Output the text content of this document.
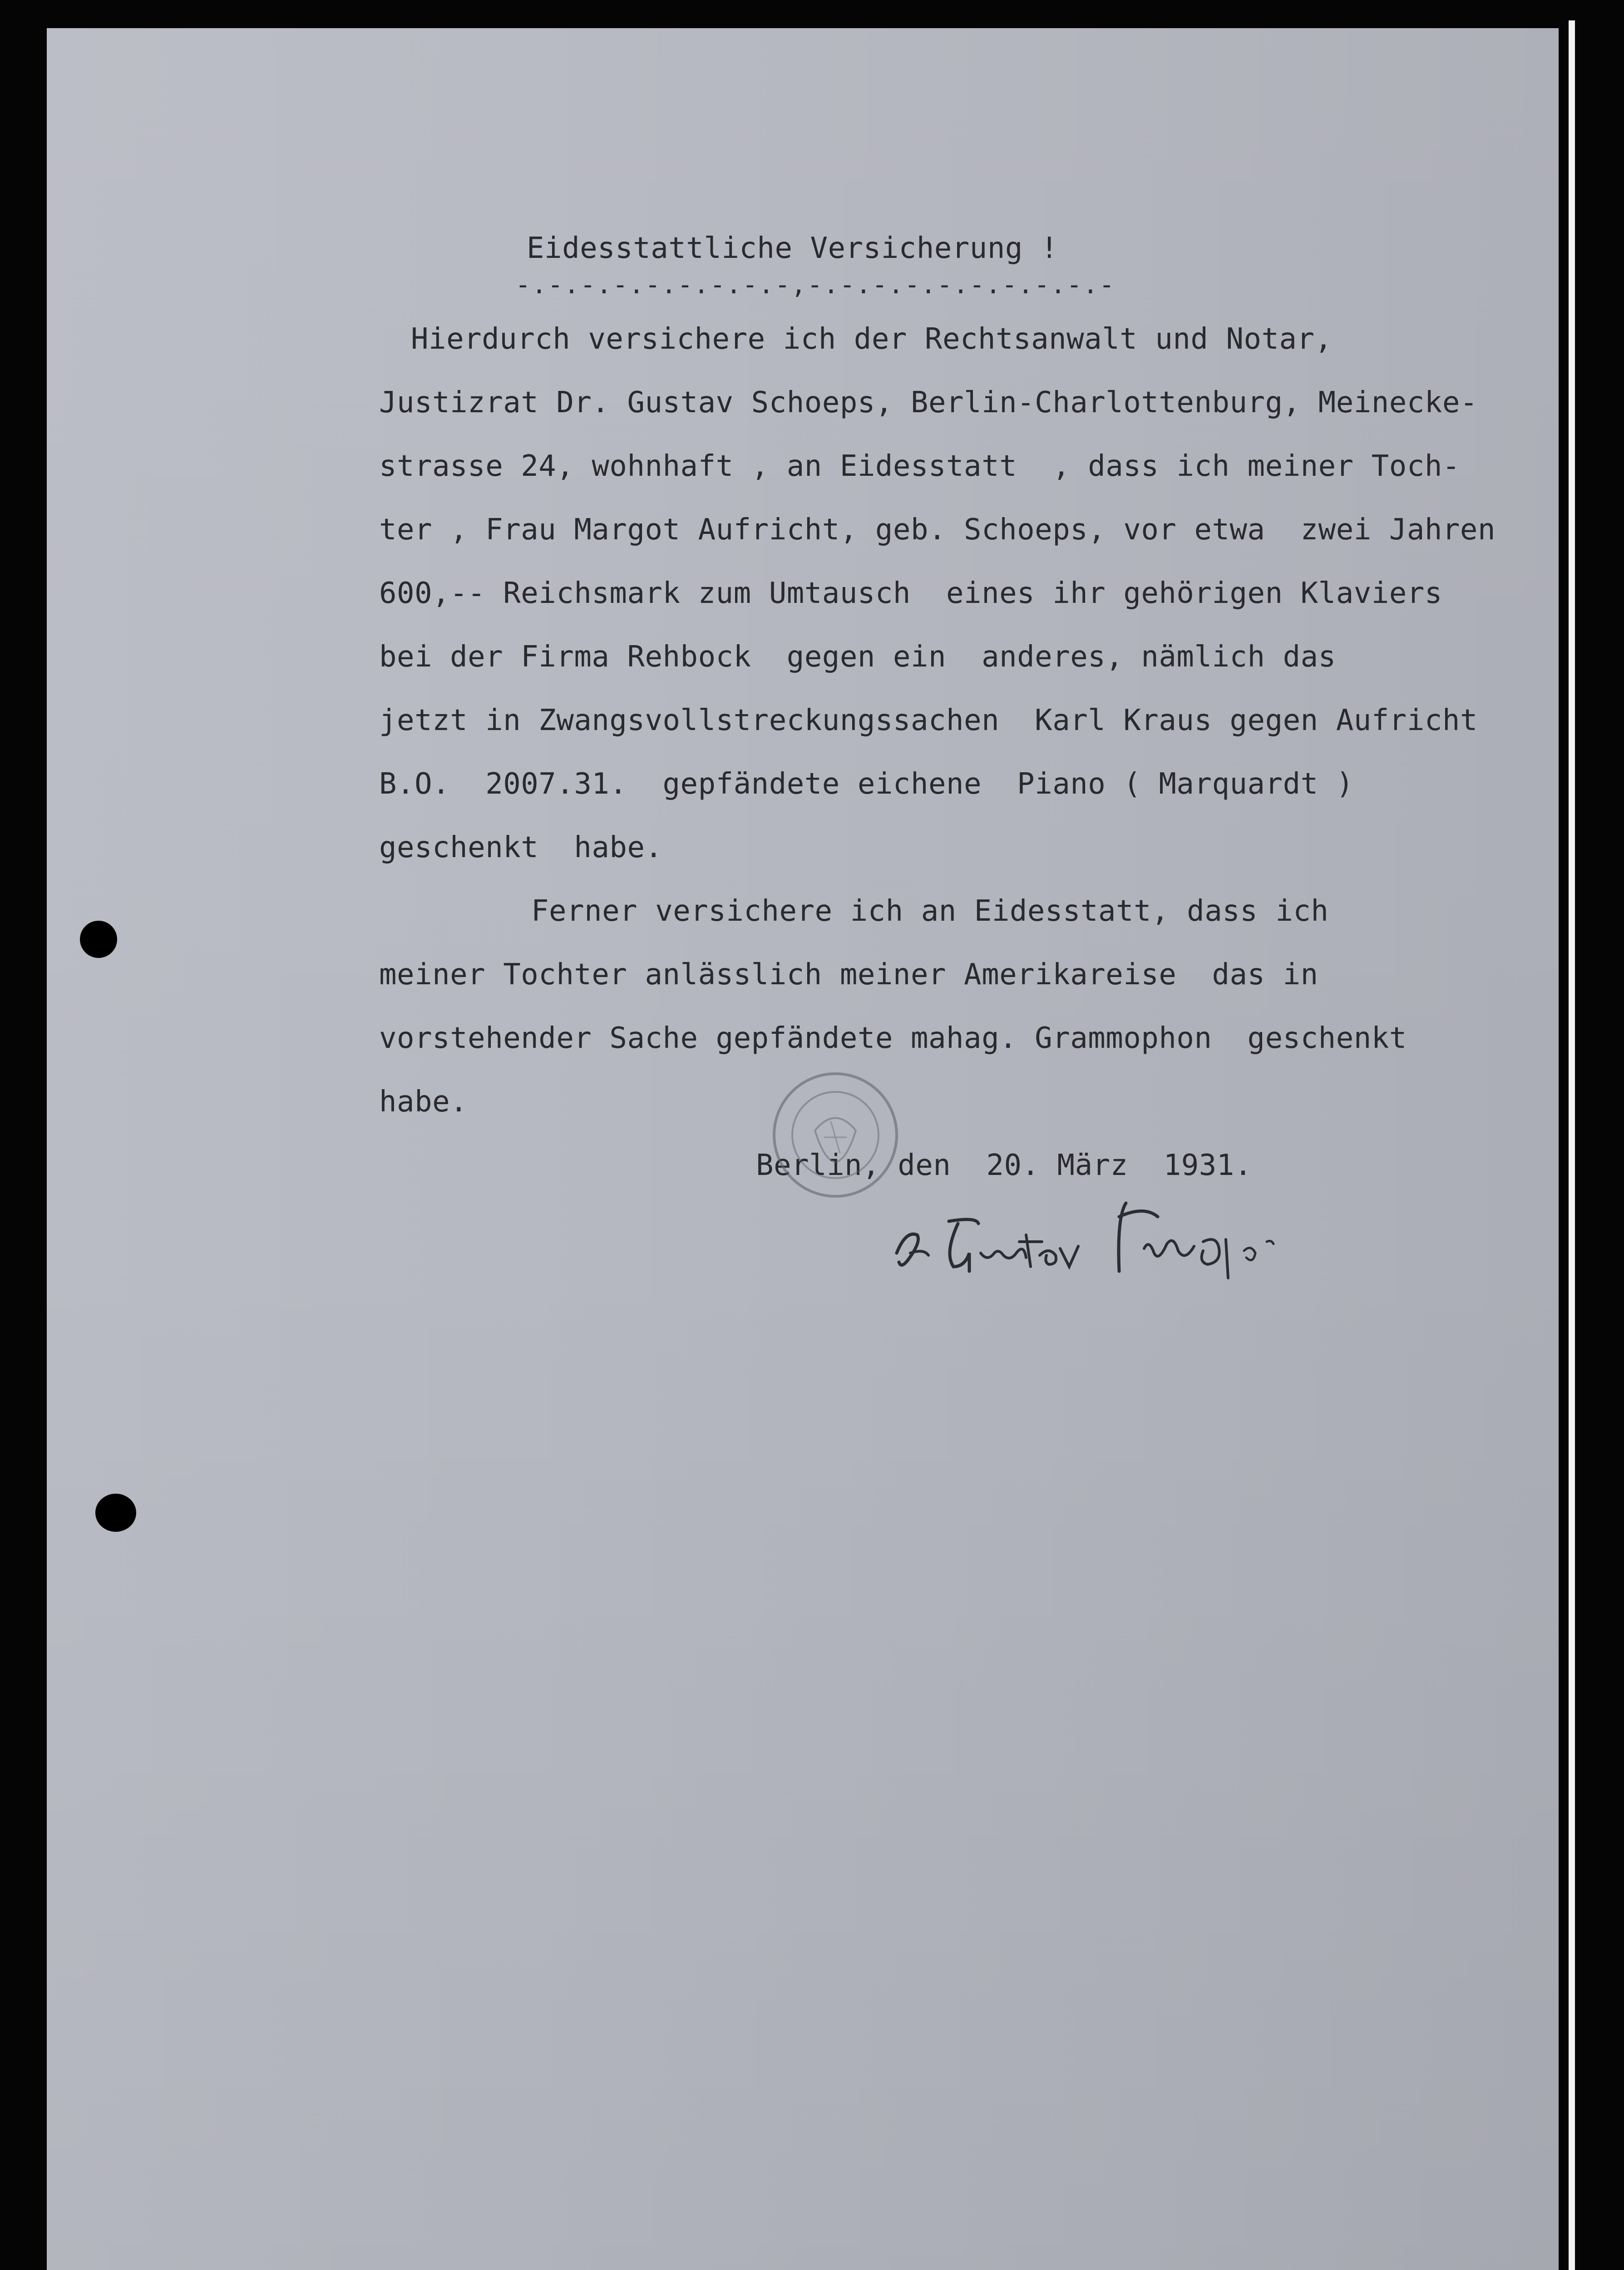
Eidesstattliche Versicherung !
-.-.-.-.-.-.-.-.-,-.-.-.-.-.-.-.-.-.-
Hierdurch versichere ich der Rechtsanwalt und Notar,
Justizrat Dr. Gustav Schoeps, Berlin-Charlottenburg, Meinecke-
strasse 24, wohnhaft , an Eidesstatt  , dass ich meiner Toch-
ter , Frau Margot Aufricht, geb. Schoeps, vor etwa  zwei Jahren
600,-- Reichsmark zum Umtausch  eines ihr gehörigen Klaviers
bei der Firma Rehbock  gegen ein  anderes, nämlich das
jetzt in Zwangsvollstreckungssachen  Karl Kraus gegen Aufricht
B.O.  2007.31.  gepfändete eichene  Piano ( Marquardt )
geschenkt  habe.
Ferner versichere ich an Eidesstatt, dass ich
meiner Tochter anlässlich meiner Amerikareise  das in
vorstehender Sache gepfändete mahag. Grammophon  geschenkt
habe.
Berlin, den  20. März  1931.
